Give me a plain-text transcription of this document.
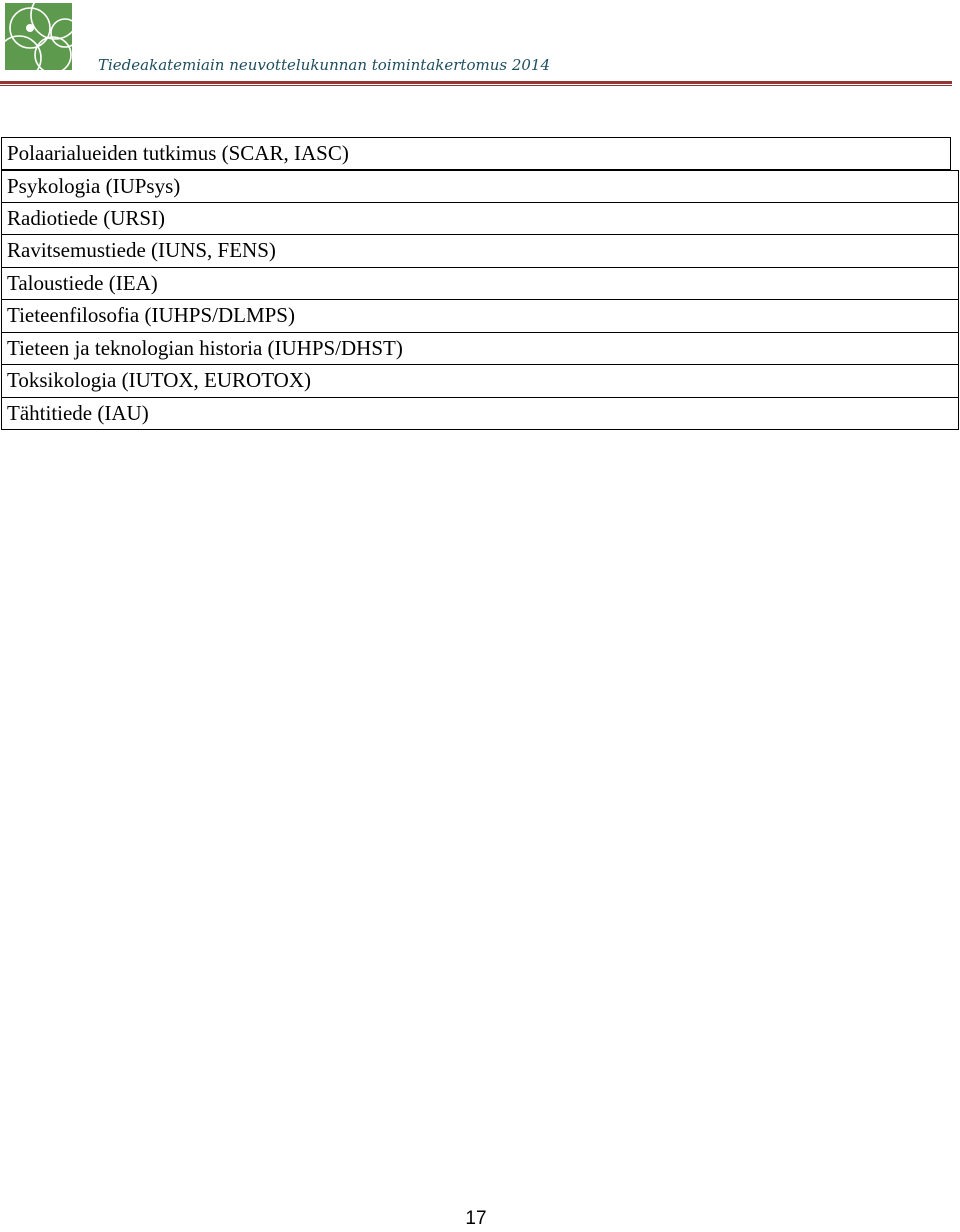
Tiedeakatemiain neuvottelukunnan toimintakertomus 2014
Polaarialueiden tutkimus (SCAR, IASC)
Psykologia (IUPsys)
Radiotiede (URSI)
Ravitsemustiede (IUNS, FENS)
Taloustiede (IEA)
Tieteenfilosofia (IUHPS/DLMPS)
Tieteen ja teknologian historia (IUHPS/DHST)
Toksikologia (IUTOX, EUROTOX)
Tähtitiede (IAU)
17
